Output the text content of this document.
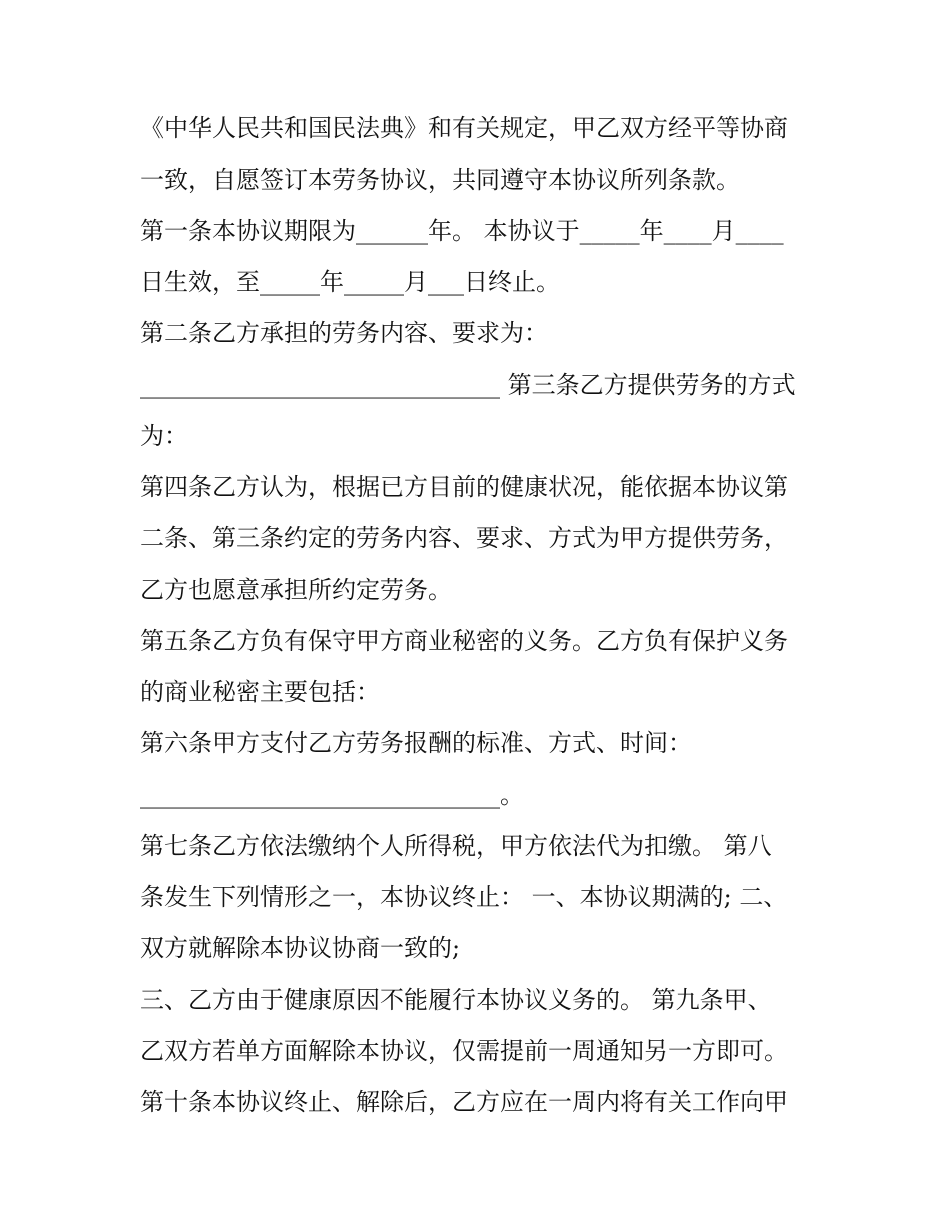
《中华人民共和国民法典》和有关规定，甲乙双方经平等协商

一致，自愿签订本劳务协议，共同遵守本协议所列条款。

第一条本协议期限为______年。 本协议于_____年____月____

日生效，至_____年_____月___日终止。

第二条乙方承担的劳务内容、要求为：

______________________________ 第三条乙方提供劳务的方式

为：

第四条乙方认为，根据已方目前的健康状况，能依据本协议第

二条、第三条约定的劳务内容、要求、方式为甲方提供劳务，

乙方也愿意承担所约定劳务。

第五条乙方负有保守甲方商业秘密的义务。乙方负有保护义务

的商业秘密主要包括：

第六条甲方支付乙方劳务报酬的标准、方式、时间：

______________________________。

第七条乙方依法缴纳个人所得税，甲方依法代为扣缴。 第八

条发生下列情形之一，本协议终止： 一、本协议期满的; 二、

双方就解除本协议协商一致的;

三、乙方由于健康原因不能履行本协议义务的。 第九条甲、

乙双方若单方面解除本协议，仅需提前一周通知另一方即可。

第十条本协议终止、解除后，乙方应在一周内将有关工作向甲
